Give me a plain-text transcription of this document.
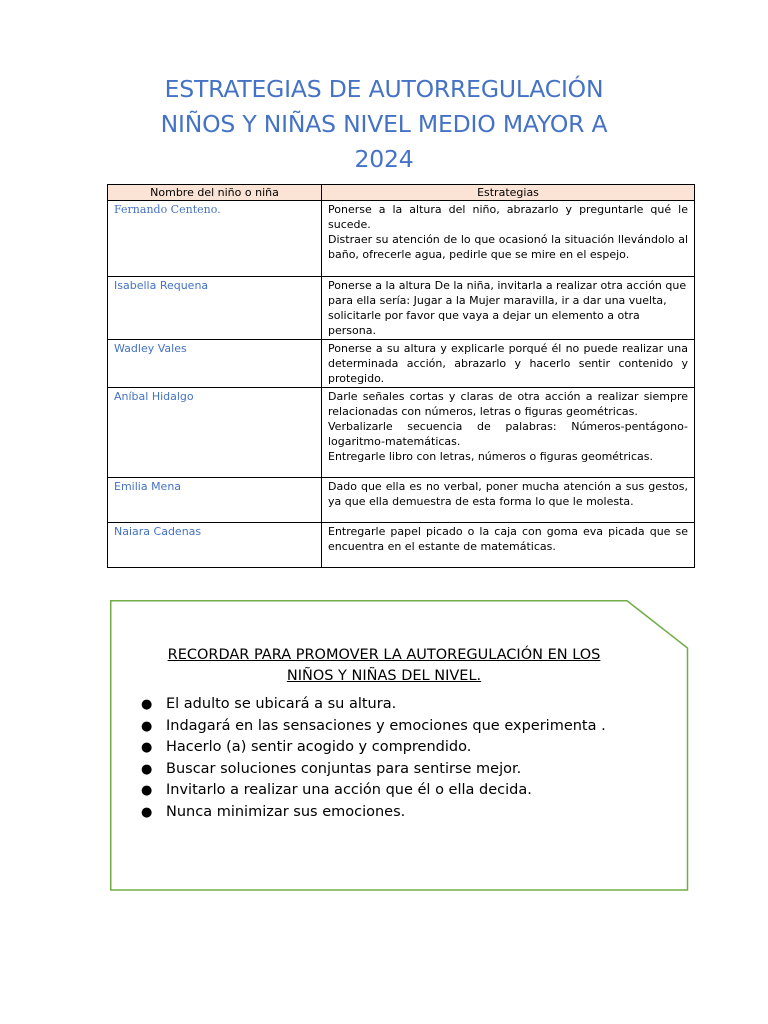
ESTRATEGIAS DE AUTORREGULACIÓN
NIÑOS Y NIÑAS NIVEL MEDIO MAYOR A
2024
Nombre del niño o niña	Estrategias
Fernando Centeno.	Ponerse a la altura del niño, abrazarlo y preguntarle qué le sucede.

Distraer su atención de lo que ocasionó la situación llevándolo al baño, ofrecerle agua, pedirle que se mire en el espejo.

Isabella Requena	Ponerse a la altura De la niña, invitarla a realizar otra acción que para ella sería: Jugar a la Mujer maravilla, ir a dar una vuelta, solicitarle por favor que vaya a dejar un elemento a otra persona.

Wadley Vales	Ponerse a su altura y explicarle porqué él no puede realizar una determinada acción, abrazarlo y hacerlo sentir contenido y protegido.

Aníbal Hidalgo	Darle señales cortas y claras de otra acción a realizar siempre relacionadas con números, letras o figuras geométricas.

Verbalizarle secuencia de palabras: Números-pentágono-logaritmo-matemáticas.

Entregarle libro con letras, números o figuras geométricas.

Emilia Mena	Dado que ella es no verbal, poner mucha atención a sus gestos, ya que ella demuestra de esta forma lo que le molesta.

Naiara Cadenas	Entregarle papel picado o la caja con goma eva picada que se encuentra en el estante de matemáticas.

RECORDAR PARA PROMOVER LA AUTOREGULACIÓN EN LOS
NIÑOS Y NIÑAS DEL NIVEL.
● El adulto se ubicará a su altura.
● Indagará en las sensaciones y emociones que experimenta .
● Hacerlo (a) sentir acogido y comprendido.
● Buscar soluciones conjuntas para sentirse mejor.
● Invitarlo a realizar una acción que él o ella decida.
● Nunca minimizar sus emociones.
